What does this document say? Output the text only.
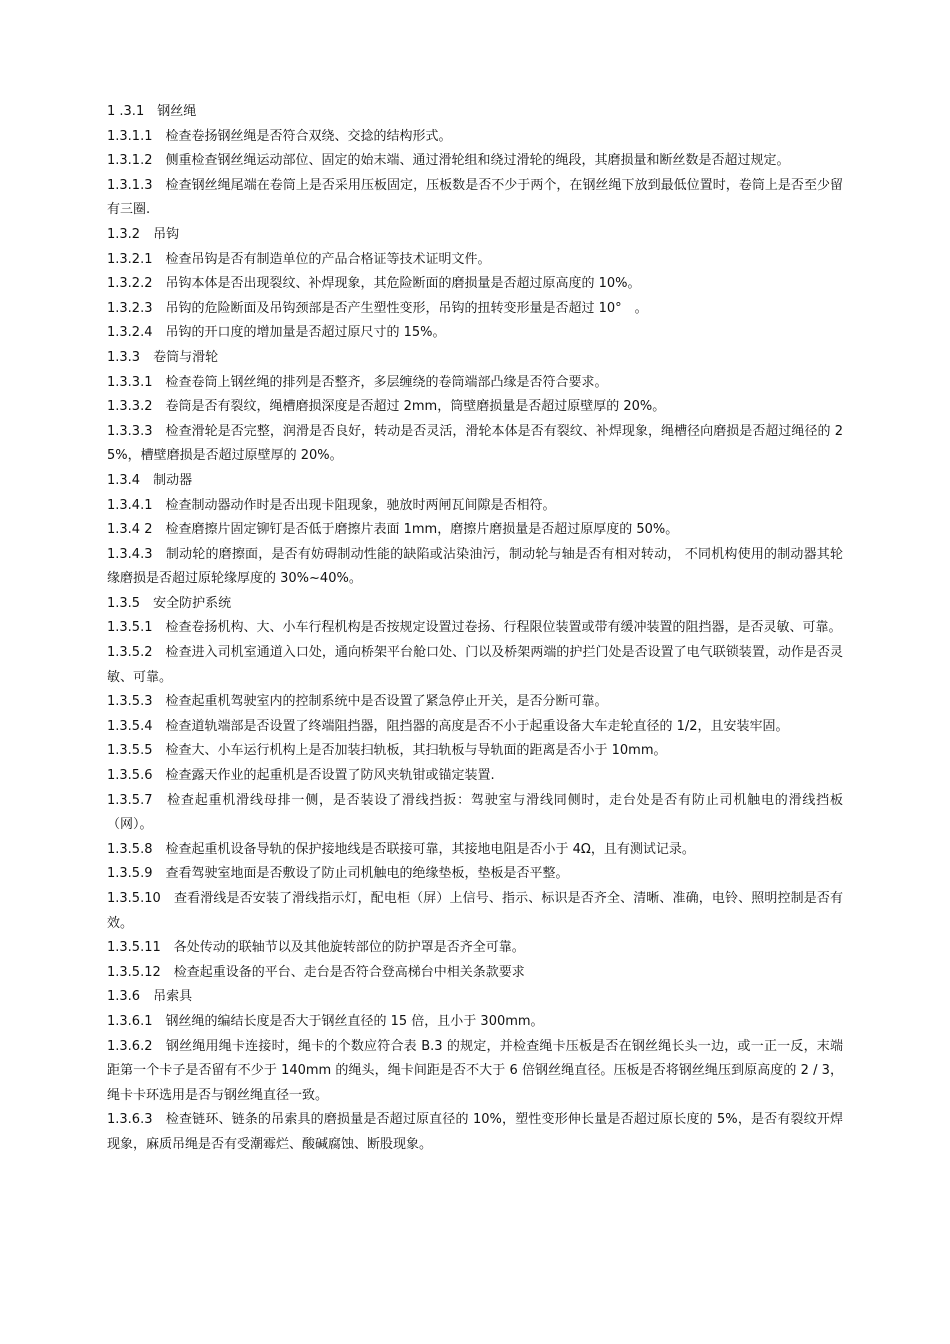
1 .3.1　钢丝绳

1.3.1.1　检查卷扬钢丝绳是否符合双绕、交捻的结构形式。

1.3.1.2　侧重检查钢丝绳运动部位、固定的始末端、通过滑轮组和绕过滑轮的绳段，其磨损量和断丝数是否超过规定。

1.3.1.3　检查钢丝绳尾端在卷筒上是否采用压板固定，压板数是否不少于两个，在钢丝绳下放到最低位置时，卷筒上是否至少留有三圈.

1.3.2　吊钩

1.3.2.1　检查吊钩是否有制造单位的产品合格证等技术证明文件。

1.3.2.2　吊钩本体是否出现裂纹、补焊现象，其危险断面的磨损量是否超过原高度的 10%。

1.3.2.3　吊钩的危险断面及吊钩颈部是否产生塑性变形，吊钩的扭转变形量是否超过 10°　。

1.3.2.4　吊钩的开口度的增加量是否超过原尺寸的 15%。

1.3.3　卷筒与滑轮

1.3.3.1　检查卷筒上钢丝绳的排列是否整齐，多层缠绕的卷筒端部凸缘是否符合要求。

1.3.3.2　卷筒是否有裂纹，绳槽磨损深度是否超过 2mm，筒壁磨损量是否超过原壁厚的 20%。

1.3.3.3　检查滑轮是否完整，润滑是否良好，转动是否灵活，滑轮本体是否有裂纹、补焊现象，绳槽径向磨损是否超过绳径的 25%，槽壁磨损是否超过原壁厚的 20%。

1.3.4　制动器

1.3.4.1　检查制动器动作时是否出现卡阻现象，驰放时两闸瓦间隙是否相符。

1.3.4 2　检查磨擦片固定铆钉是否低于磨擦片表面 1mm，磨擦片磨损量是否超过原厚度的 50%。

1.3.4.3　制动轮的磨擦面，是否有妨碍制动性能的缺陷或沾染油污，制动轮与轴是否有相对转动， 不同机构使用的制动器其轮缘磨损是否超过原轮缘厚度的 30%~40%。

1.3.5　安全防护系统

1.3.5.1　检查卷扬机构、大、小车行程机构是否按规定设置过卷扬、行程限位装置或带有缓冲装置的阻挡器，是否灵敏、可靠。

1.3.5.2　检查进入司机室通道入口处，通向桥架平台舱口处、门以及桥架两端的护拦门处是否设置了电气联锁装置，动作是否灵敏、可靠。

1.3.5.3　检查起重机驾驶室内的控制系统中是否设置了紧急停止开关，是否分断可靠。

1.3.5.4　检查道轨端部是否设置了终端阻挡器，阻挡器的高度是否不小于起重设备大车走轮直径的 1/2，且安装牢固。

1.3.5.5　检查大、小车运行机构上是否加装扫轨板，其扫轨板与导轨面的距离是否小于 10mm。

1.3.5.6　检查露天作业的起重机是否设置了防风夹轨钳或锚定装置.

1.3.5.7　检查起重机滑线母排一侧，是否装设了滑线挡扳：驾驶室与滑线同侧时，走台处是否有防止司机触电的滑线挡板（网）。

1.3.5.8　检查起重机设备导轨的保护接地线是否联接可靠，其接地电阻是否小于 4Ω，且有测试记录。

1.3.5.9　查看驾驶室地面是否敷设了防止司机触电的绝缘垫板，垫板是否平整。

1.3.5.10　查看滑线是否安装了滑线指示灯，配电柜（屏）上信号、指示、标识是否齐全、清晰、准确，电铃、照明控制是否有效。

1.3.5.11　各处传动的联轴节以及其他旋转部位的防护罩是否齐全可靠。

1.3.5.12　检查起重设备的平台、走台是否符合登高梯台中相关条款要求

1.3.6　吊索具

1.3.6.1　钢丝绳的编结长度是否大于钢丝直径的 15 倍，且小于 300mm。

1.3.6.2　钢丝绳用绳卡连接时，绳卡的个数应符合表 B.3 的规定，并检查绳卡压板是否在钢丝绳长头一边，或一正一反，末端距第一个卡子是否留有不少于 140mm 的绳头，绳卡间距是否不大于 6 倍钢丝绳直径。压板是否将钢丝绳压到原高度的 2 / 3，绳卡卡环选用是否与钢丝绳直径一致。

1.3.6.3　检查链环、链条的吊索具的磨损量是否超过原直径的 10%，塑性变形伸长量是否超过原长度的 5%，是否有裂纹开焊现象，麻质吊绳是否有受潮霉烂、酸碱腐蚀、断股现象。
